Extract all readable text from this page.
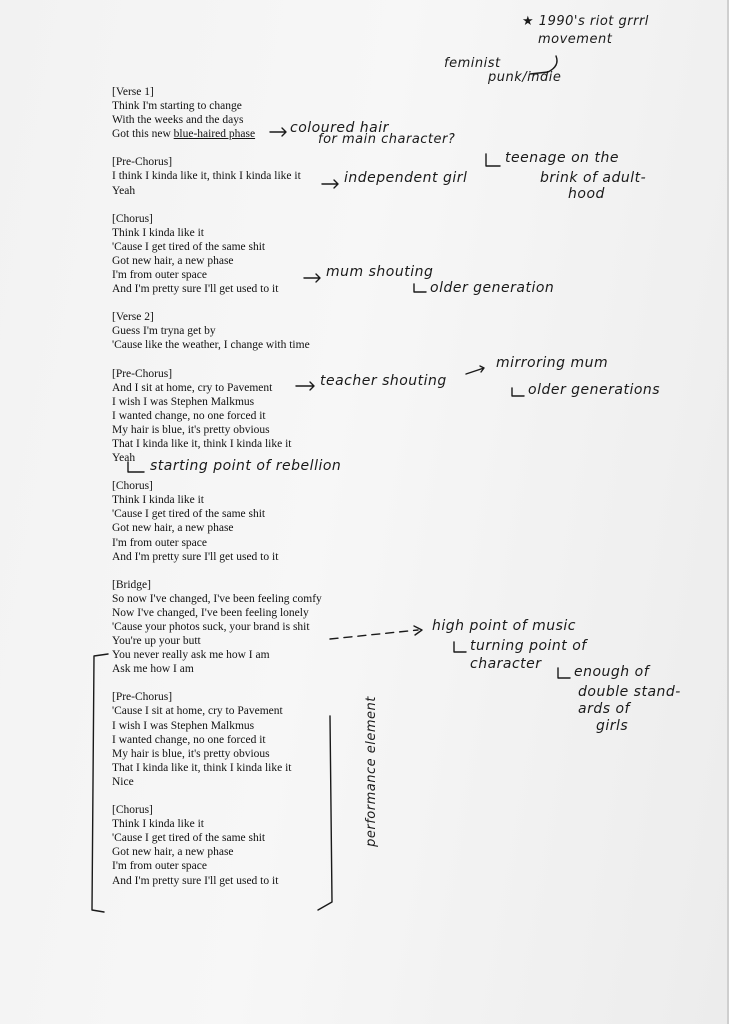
[Verse 1]
Think I'm starting to change
With the weeks and the days
Got this new blue-haired phase
[Pre-Chorus]
I think I kinda like it, think I kinda like it
Yeah
[Chorus]
Think I kinda like it
'Cause I get tired of the same shit
Got new hair, a new phase
I'm from outer space
And I'm pretty sure I'll get used to it
[Verse 2]
Guess I'm tryna get by
'Cause like the weather, I change with time
[Pre-Chorus]
And I sit at home, cry to Pavement
I wish I was Stephen Malkmus
I wanted change, no one forced it
My hair is blue, it's pretty obvious
That I kinda like it, think I kinda like it
Yeah
[Chorus]
Think I kinda like it
'Cause I get tired of the same shit
Got new hair, a new phase
I'm from outer space
And I'm pretty sure I'll get used to it
[Bridge]
So now I've changed, I've been feeling comfy
Now I've changed, I've been feeling lonely
'Cause your photos suck, your brand is shit
You're up your butt
You never really ask me how I am
Ask me how I am
[Pre-Chorus]
'Cause I sit at home, cry to Pavement
I wish I was Stephen Malkmus
I wanted change, no one forced it
My hair is blue, it's pretty obvious
That I kinda like it, think I kinda like it
Nice
[Chorus]
Think I kinda like it
'Cause I get tired of the same shit
Got new hair, a new phase
I'm from outer space
And I'm pretty sure I'll get used to it
★ 1990's riot grrrl
movement
feminist
punk/indie
coloured hair
for main character?
teenage on the
brink of adult-
hood
independent girl
mum shouting
older generation
teacher shouting
mirroring mum
older generations
starting point of rebellion
high point of music
turning point of
character enough of
double stand-
ards of
girls
performance element
